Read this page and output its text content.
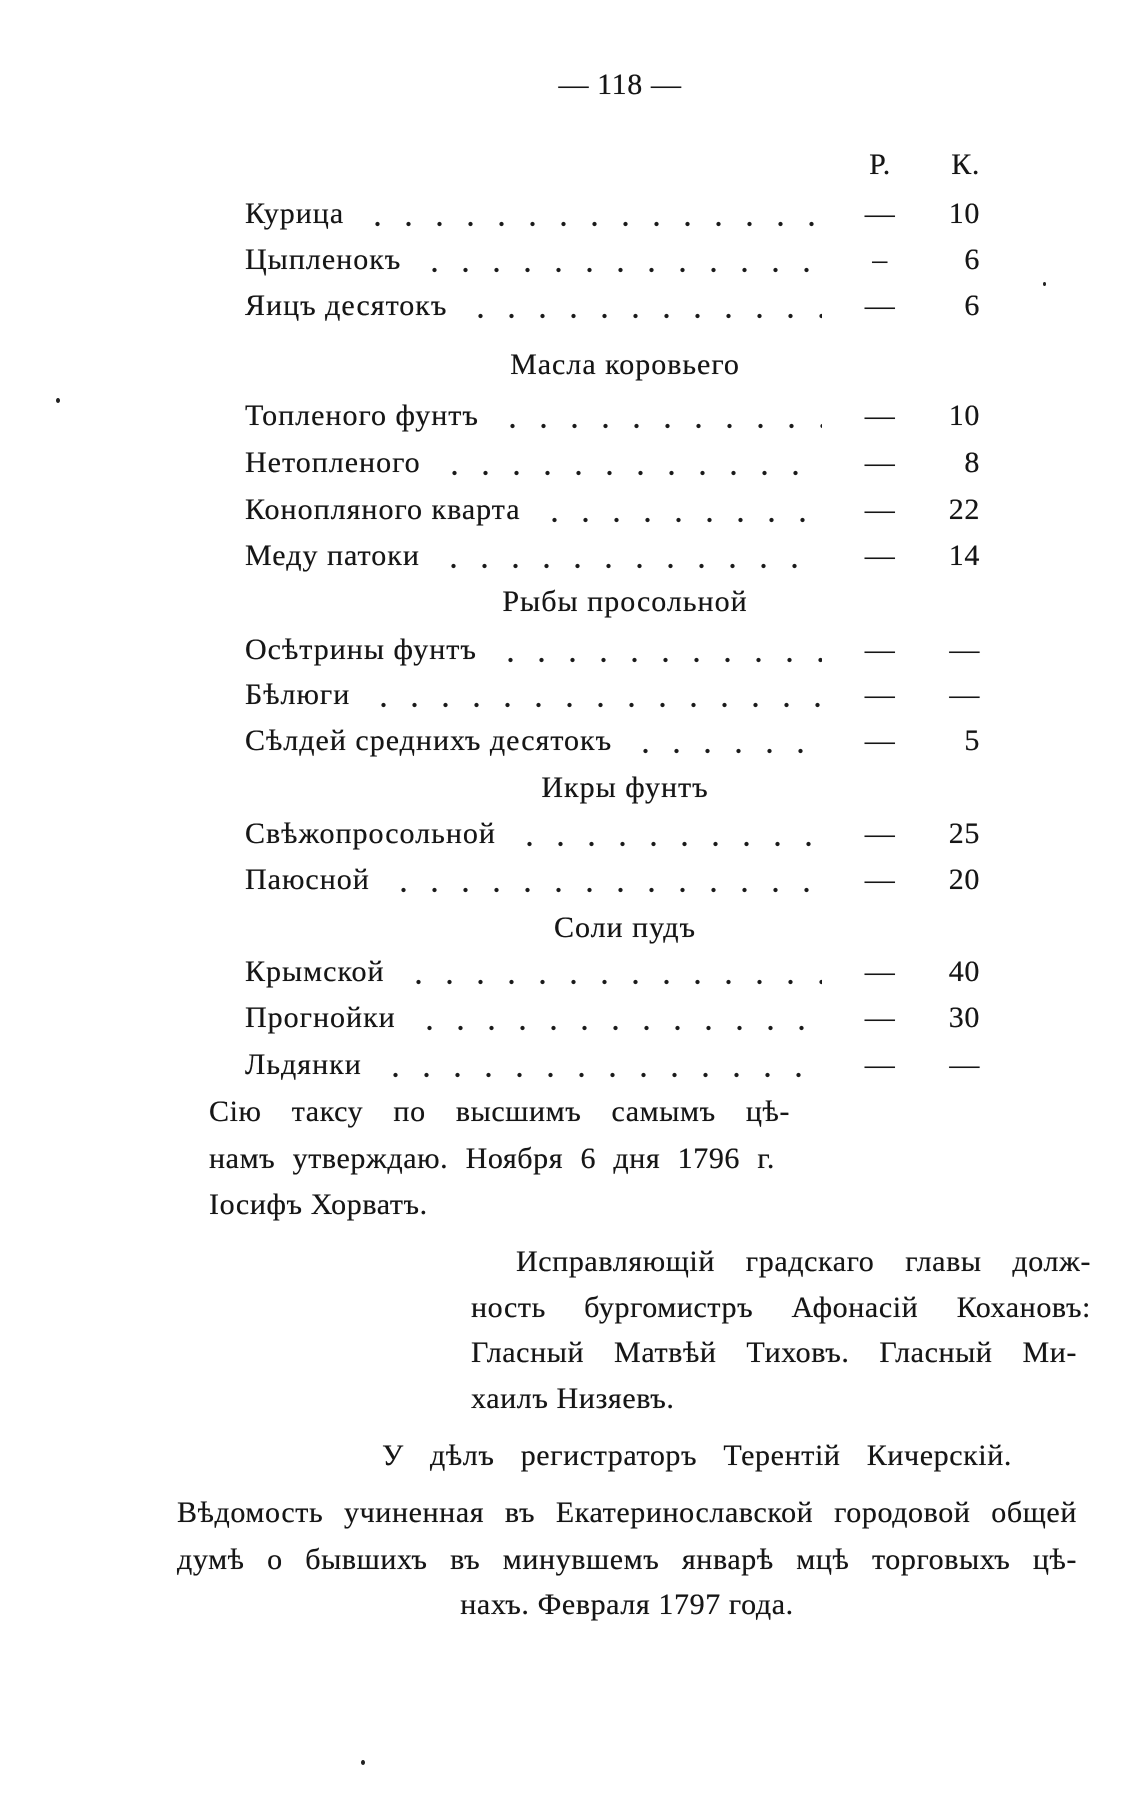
— 118 —
Р.	К.
Курица	—	10
Цыпленокъ	–	6
Яицъ десятокъ	—	6
Масла коровьего
Топленого фунтъ	—	10
Нетопленого	—	8
Конопляного кварта	—	22
Меду патоки	—	14
Рыбы просольной
Осѣтрины фунтъ	—	—
Бѣлюги	—	—
Сѣлдей среднихъ десятокъ	—	5
Икры фунтъ
Свѣжопросольной	—	25
Паюсной	—	20
Соли пудъ
Крымской	—	40
Прогнойки	—	30
Льдянки	—	—
Сію таксу по высшимъ самымъ цѣ-
намъ утверждаю. Ноября 6 дня 1796 г.
Іосифъ Хорватъ.
Исправляющій градскаго главы долж-
ность бургомистръ Афонасій Кохановъ:
Гласный Матвѣй Тиховъ. Гласный Ми-
хаилъ Низяевъ.
У дѣлъ регистраторъ Терентій Кичерскій.
Вѣдомость учиненная въ Екатеринославской городовой общей
думѣ о бывшихъ въ минувшемъ январѣ мцѣ торговыхъ цѣ-
нахъ. Февраля 1797 года.
